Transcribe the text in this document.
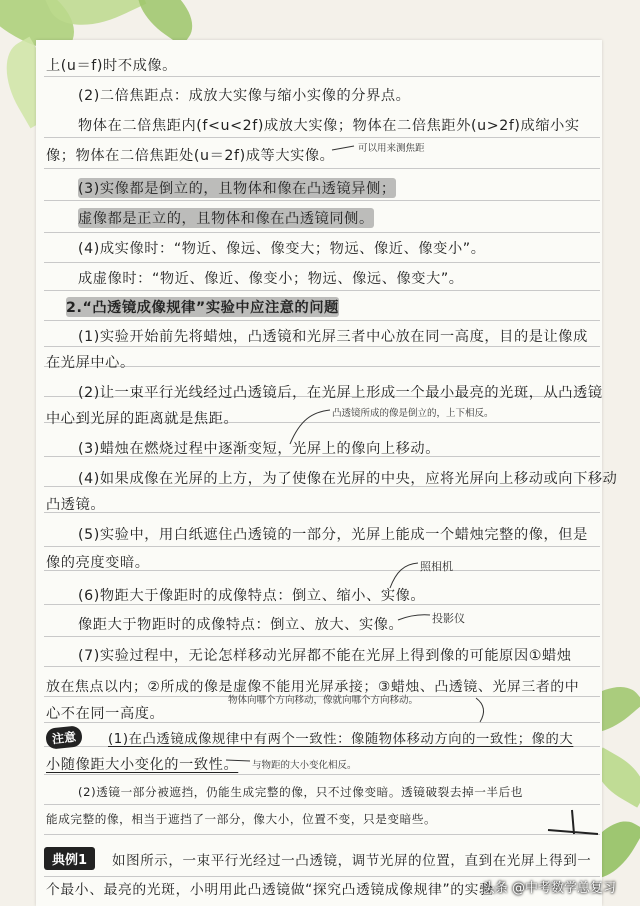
上(u＝f)时不成像。
(2)二倍焦距点：成放大实像与缩小实像的分界点。
物体在二倍焦距内(f<u<2f)成放大实像；物体在二倍焦距外(u>2f)成缩小实
像；物体在二倍焦距处(u＝2f)成等大实像。
(3)实像都是倒立的，且物体和像在凸透镜异侧；
虚像都是正立的，且物体和像在凸透镜同侧。
(4)成实像时：“物近、像远、像变大；物远、像近、像变小”。
成虚像时：“物近、像近、像变小；物远、像远、像变大”。
2.“凸透镜成像规律”实验中应注意的问题
(1)实验开始前先将蜡烛，凸透镜和光屏三者中心放在同一高度，目的是让像成
在光屏中心。
(2)让一束平行光线经过凸透镜后，在光屏上形成一个最小最亮的光斑，从凸透镜
中心到光屏的距离就是焦距。
(3)蜡烛在燃烧过程中逐渐变短，光屏上的像向上移动。
(4)如果成像在光屏的上方，为了使像在光屏的中央，应将光屏向上移动或向下移动
凸透镜。
(5)实验中，用白纸遮住凸透镜的一部分，光屏上能成一个蜡烛完整的像，但是
像的亮度变暗。
(6)物距大于像距时的成像特点：倒立、缩小、实像。
像距大于物距时的成像特点：倒立、放大、实像。
(7)实验过程中，无论怎样移动光屏都不能在光屏上得到像的可能原因①蜡烛
放在焦点以内；②所成的像是虚像不能用光屏承接；③蜡烛、凸透镜、光屏三者的中
心不在同一高度。
注意	(1)在凸透镜成像规律中有两个一致性：像随物体移动方向的一致性；像的大
小随像距大小变化的一致性。
(2)透镜一部分被遮挡，仍能生成完整的像，只不过像变暗。透镜破裂去掉一半后也
能成完整的像，相当于遮挡了一部分，像大小，位置不变，只是变暗些。
典例1	如图所示，一束平行光经过一凸透镜，调节光屏的位置，直到在光屏上得到一
个最小、最亮的光斑，小明用此凸透镜做“探究凸透镜成像规律”的实验
可以用来测焦距
凸透镜所成的像是倒立的，上下相反。
照相机
投影仪
物体向哪个方向移动，像就向哪个方向移动。
与物距的大小变化相反。
头条 @中考数学总复习
